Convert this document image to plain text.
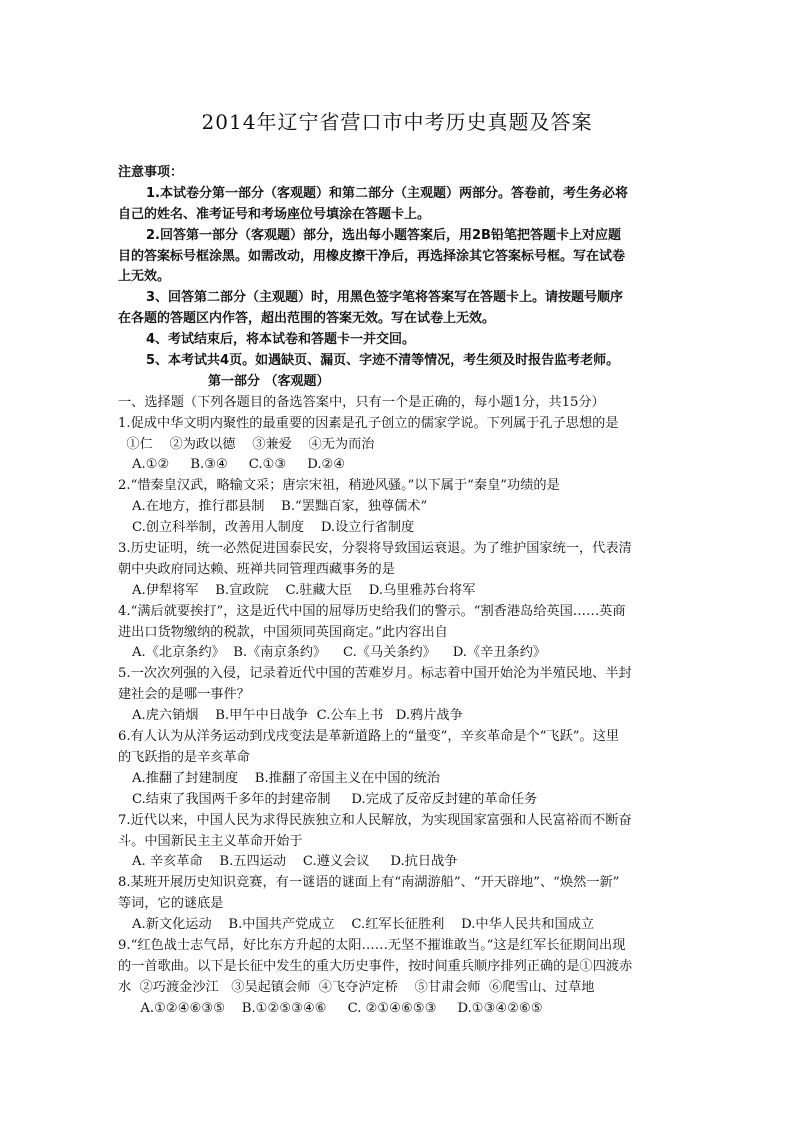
2014年辽宁省营口市中考历史真题及答案
注意事项：
1.本试卷分第一部分（客观题）和第二部分（主观题）两部分。答卷前，考生务必将
自己的姓名、准考证号和考场座位号填涂在答题卡上。
2.回答第一部分（客观题）部分，选出每小题答案后，用2B铅笔把答题卡上对应题
目的答案标号框涂黑。如需改动，用橡皮擦干净后，再选择涂其它答案标号框。写在试卷
上无效。
3、回答第二部分（主观题）时，用黑色签字笔将答案写在答题卡上。请按题号顺序
在各题的答题区内作答，超出范围的答案无效。写在试卷上无效。
4、考试结束后，将本试卷和答题卡一并交回。
5、本考试共4页。如遇缺页、漏页、字迹不清等情况，考生须及时报告监考老师。
第一部分 （客观题）
一、选择题（下列各题目的备选答案中，只有一个是正确的，每小题1分，共15分）
1.促成中华文明内聚性的最重要的因素是孔子创立的儒家学说。下列属于孔子思想的是
①仁    ②为政以德    ③兼爱    ④无为而治
A.①②     B.③④     C.①③     D.②④
2.“惜秦皇汉武，略输文采；唐宗宋祖，稍逊风骚。”以下属于“秦皇”功绩的是
A.在地方，推行郡县制    B.“罢黜百家，独尊儒术”
C.创立科举制，改善用人制度    D.设立行省制度
3.历史证明，统一必然促进国泰民安，分裂将导致国运衰退。为了维护国家统一，代表清
朝中央政府同达赖、班禅共同管理西藏事务的是
A.伊犁将军    B.宣政院    C.驻藏大臣    D.乌里雅苏台将军
4.“满后就要挨打”，这是近代中国的屈辱历史给我们的警示。“割香港岛给英国……英商
进出口货物缴纳的税款，中国须同英国商定。”此内容出自
A.《北京条约》  B.《南京条约》    C.《马关条约》    D.《辛丑条约》
5.一次次列强的入侵，记录着近代中国的苦难岁月。标志着中国开始沦为半殖民地、半封
建社会的是哪一事件？
A.虎六销烟    B.甲午中日战争  C.公车上书   D.鸦片战争
6.有人认为从洋务运动到戊戌变法是革新道路上的“量变”，辛亥革命是个“飞跃”。这里
的飞跃指的是辛亥革命
A.推翻了封建制度    B.推翻了帝国主义在中国的统治
C.结束了我国两千多年的封建帝制     D.完成了反帝反封建的革命任务
7.近代以来，中国人民为求得民族独立和人民解放，为实现国家富强和人民富裕而不断奋
斗。中国新民主主义革命开始于
A. 辛亥革命    B.五四运动    C.遵义会议     D.抗日战争
8.某班开展历史知识竞赛，有一谜语的谜面上有“南湖游船”、“开天辟地”、“焕然一新”
等词，它的谜底是
A.新文化运动    B.中国共产党成立    C.红军长征胜利    D.中华人民共和国成立
9.“红色战士志气昂，好比东方升起的太阳……无坚不摧谁敢当。”这是红军长征期间出现
的一首歌曲。以下是长征中发生的重大历史事件，按时间重兵顺序排列正确的是①四渡赤
水  ②巧渡金沙江   ③吴起镇会师  ④飞夺泸定桥    ⑤甘肃会师  ⑥爬雪山、过草地
A.①②④⑥③⑤    B.①②⑤③④⑥     C. ②①④⑥⑤③     D.①③④②⑥⑤
